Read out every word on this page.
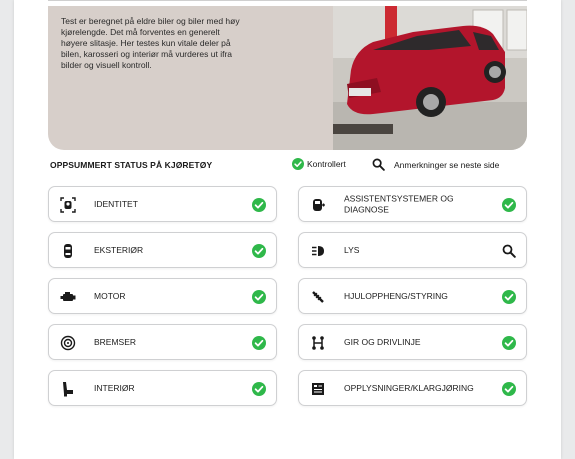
Test er beregnet på eldre biler og biler med høy kjørelengde. Det må forventes en generelt høyere slitasje. Her testes kun vitale deler på bilen, karosseri og interiør må vurderes ut ifra bilder og visuell kontroll.
OPPSUMMERT STATUS PÅ KJØRETØY	Kontrollert	Anmerkninger se neste side
IDENTITET
ASSISTENTSYSTEMER OG DIAGNOSE
EKSTERIØR	LYS
MOTOR	HJULOPPHENG/STYRING
BREMSER	GIR OG DRIVLINJE
INTERIØR	OPPLYSNINGER/KLARGJØRING
